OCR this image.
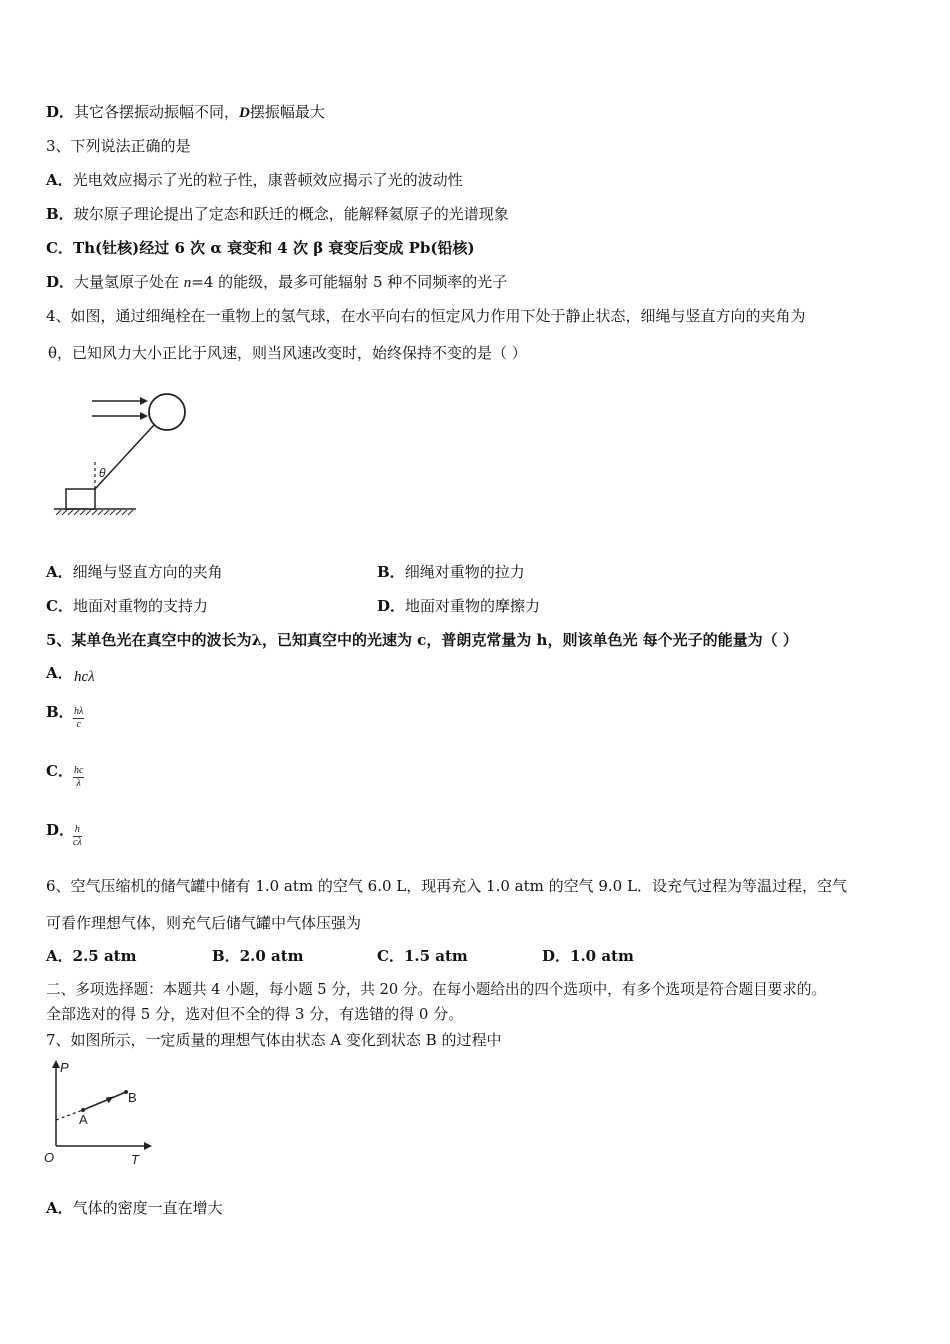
D．其它各摆振动振幅不同，D摆振幅最大
3、下列说法正确的是
A．光电效应揭示了光的粒子性，康普顿效应揭示了光的波动性
B．玻尔原子理论提出了定态和跃迁的概念，能解释氦原子的光谱现象
C．Th(钍核)经过 6 次 α 衰变和 4 次 β 衰变后变成 Pb(铅核)
D．大量氢原子处在 n=4 的能级，最多可能辐射 5 种不同频率的光子
4、如图，通过细绳栓在一重物上的氢气球，在水平向右的恒定风力作用下处于静止状态，细绳与竖直方向的夹角为
θ，已知风力大小正比于风速，则当风速改变时，始终保持不变的是（ ）
θ
A．细绳与竖直方向的夹角	B．细绳对重物的拉力
C．地面对重物的支持力	D．地面对重物的摩擦力
5、某单色光在真空中的波长为λ，已知真空中的光速为 c，普朗克常量为 h，则该单色光 每个光子的能量为（ ）
A． hcλ
B． $\frac{h\lambda}{c}$
C． $\frac{hc}{\lambda}$
D．
$\frac{h}{c\lambda}$
6、空气压缩机的储气罐中储有 1.0 atm 的空气 6.0 L，现再充入 1.0 atm 的空气 9.0 L．设充气过程为等温过程，空气
可看作理想气体，则充气后储气罐中气体压强为
A．2.5 atm	B．2.0 atm	C．1.5 atm	D．1.0 atm
二、多项选择题：本题共 4 小题，每小题 5 分，共 20 分。在每小题给出的四个选项中，有多个选项是符合题目要求的。
全部选对的得 5 分，选对但不全的得 3 分，有选错的得 0 分。
7、如图所示，一定质量的理想气体由状态 A 变化到状态 B 的过程中
P
T
O
A
B
A．气体的密度一直在增大
